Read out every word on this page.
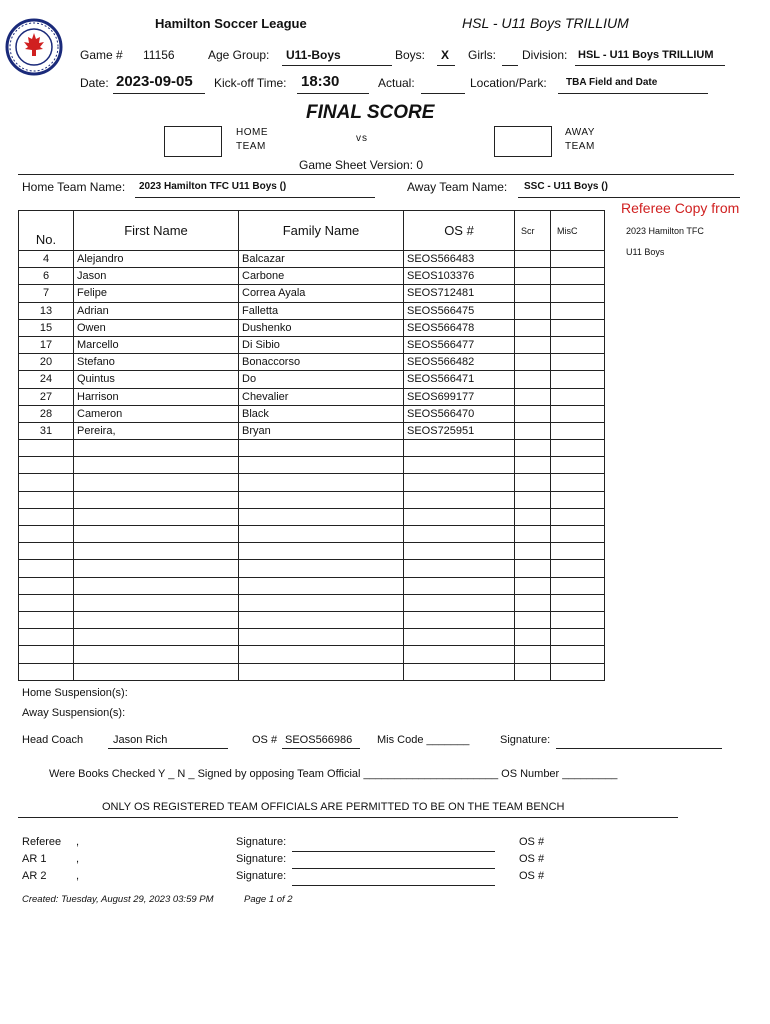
Hamilton Soccer League	HSL - U11 Boys TRILLIUM
Game # 11156	Age Group: U11-Boys	Boys: X Girls: Division: HSL - U11 Boys TRILLIUM
Date: 2023-09-05 Kick-off Time: 18:30	Actual:	Location/Park: TBA Field and Date
FINAL SCORE
HOME
TEAM
vs
AWAY
TEAM
Game Sheet Version: 0
Home Team Name: 2023 Hamilton TFC U11 Boys ()	Away Team Name: SSC - U11 Boys ()
No.	First Name	Family Name	OS #	Scr	MisC
4	Alejandro	Balcazar	SEOS566483		
6	Jason	Carbone	SEOS103376		
7	Felipe	Correa Ayala	SEOS712481		
13	Adrian	Falletta	SEOS566475		
15	Owen	Dushenko	SEOS566478		
17	Marcello	Di Sibio	SEOS566477		
20	Stefano	Bonaccorso	SEOS566482		
24	Quintus	Do	SEOS566471		
27	Harrison	Chevalier	SEOS699177		
28	Cameron	Black	SEOS566470		
31	Pereira,	Bryan	SEOS725951		

Referee Copy from
2023 Hamilton TFC
U11 Boys
Home Suspension(s):
Away Suspension(s):
Head Coach	Jason Rich	OS # SEOS566986 Mis Code _______	Signature:
Were Books Checked Y _ N _ Signed by opposing Team Official ______________________ OS Number _________
ONLY OS REGISTERED TEAM OFFICIALS ARE PERMITTED TO BE ON THE TEAM BENCH
Referee ,	Signature:	OS #
AR 1	,	Signature:	OS #
AR 2	,	Signature:	OS #
Created: Tuesday, August 29, 2023 03:59 PM	Page 1 of 2
